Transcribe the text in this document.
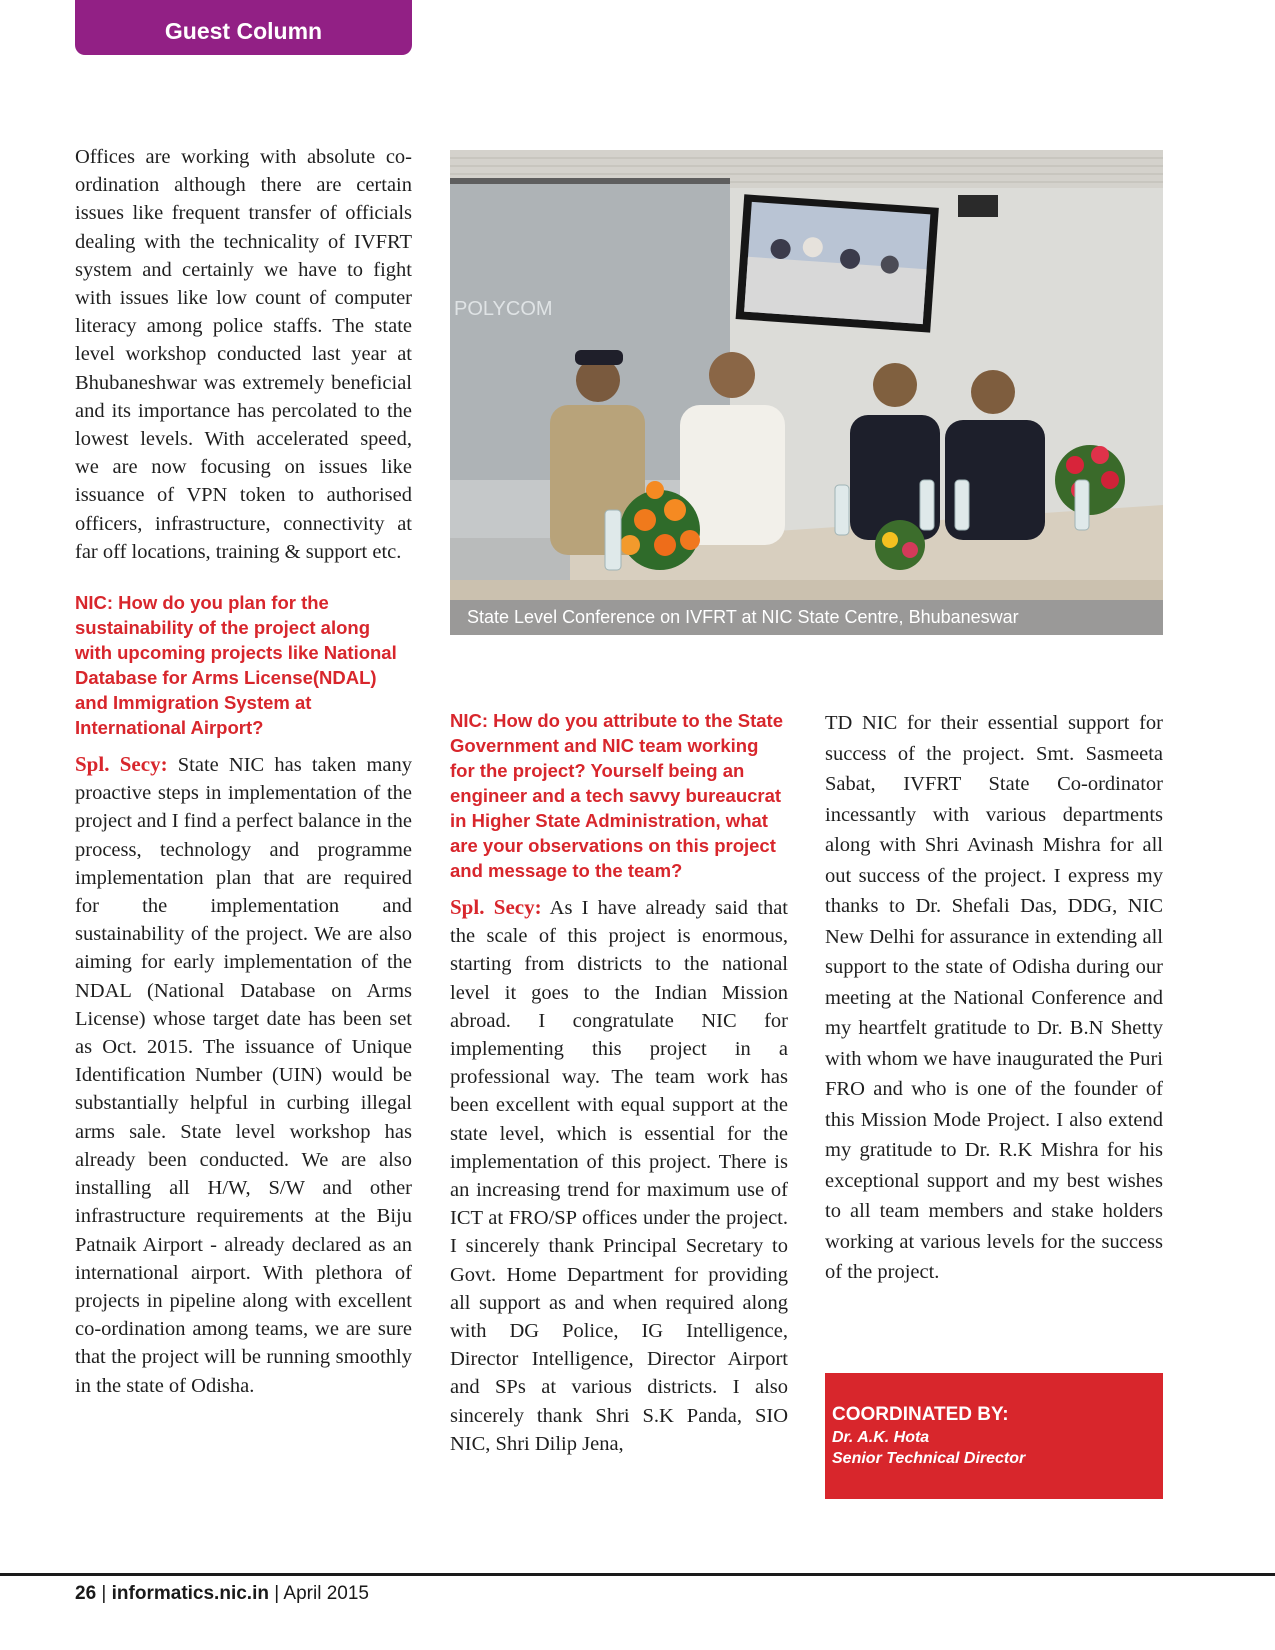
Guest Column

Offices are working with absolute co-ordination although there are certain issues like frequent transfer of officials dealing with the technicality of IVFRT system and certainly we have to fight with issues like low count of computer literacy among police staffs. The state level workshop conducted last year at Bhubaneshwar was extremely beneficial and its importance has percolated to the lowest levels. With accelerated speed, we are now focusing on issues like issuance of VPN token to authorised officers, infrastructure, connectivity at far off locations, training & support etc.

NIC: How do you plan for the sustainability of the project along with upcoming projects like National Database for Arms License(NDAL) and Immigration System at International Airport?

Spl. Secy: State NIC has taken many proactive steps in implementation of the project and I find a perfect balance in the process, technology and programme implementation plan that are required for the implementation and sustainability of the project. We are also aiming for early implementation of the NDAL (National Database on Arms License) whose target date has been set as Oct. 2015. The issuance of Unique Identification Number (UIN) would be substantially helpful in curbing illegal arms sale. State level workshop has already been conducted. We are also installing all H/W, S/W and other infrastructure requirements at the Biju Patnaik Airport - already declared as an international airport. With plethora of projects in pipeline along with excellent co-ordination among teams, we are sure that the project will be running smoothly in the state of Odisha.

POLYCOM
State Level Conference on IVFRT at NIC State Centre, Bhubaneswar

NIC: How do you attribute to the State Government and NIC team working for the project? Yourself being an engineer and a tech savvy bureaucrat in Higher State Administration, what are your observations on this project and message to the team?

Spl. Secy: As I have already said that the scale of this project is enormous, starting from districts to the national level it goes to the Indian Mission abroad. I congratulate NIC for implementing this project in a professional way. The team work has been excellent with equal support at the state level, which is essential for the implementation of this project. There is an increasing trend for maximum use of ICT at FRO/SP offices under the project. I sincerely thank Principal Secretary to Govt. Home Department for providing all support as and when required along with DG Police, IG Intelligence, Director Intelligence, Director Airport and SPs at various districts. I also sincerely thank Shri S.K Panda, SIO NIC, Shri Dilip Jena,

TD NIC for their essential support for success of the project. Smt. Sasmeeta Sabat, IVFRT State Co-ordinator incessantly with various departments along with Shri Avinash Mishra for all out success of the project. I express my thanks to Dr. Shefali Das, DDG, NIC New Delhi for assurance in extending all support to the state of Odisha during our meeting at the National Conference and my heartfelt gratitude to Dr. B.N Shetty with whom we have inaugurated the Puri FRO and who is one of the founder of this Mission Mode Project. I also extend my gratitude to Dr. R.K Mishra for his exceptional support and my best wishes to all team members and stake holders working at various levels for the success of the project.

COORDINATED BY:
Dr. A.K. Hota
Senior Technical Director
26 | informatics.nic.in | April 2015
